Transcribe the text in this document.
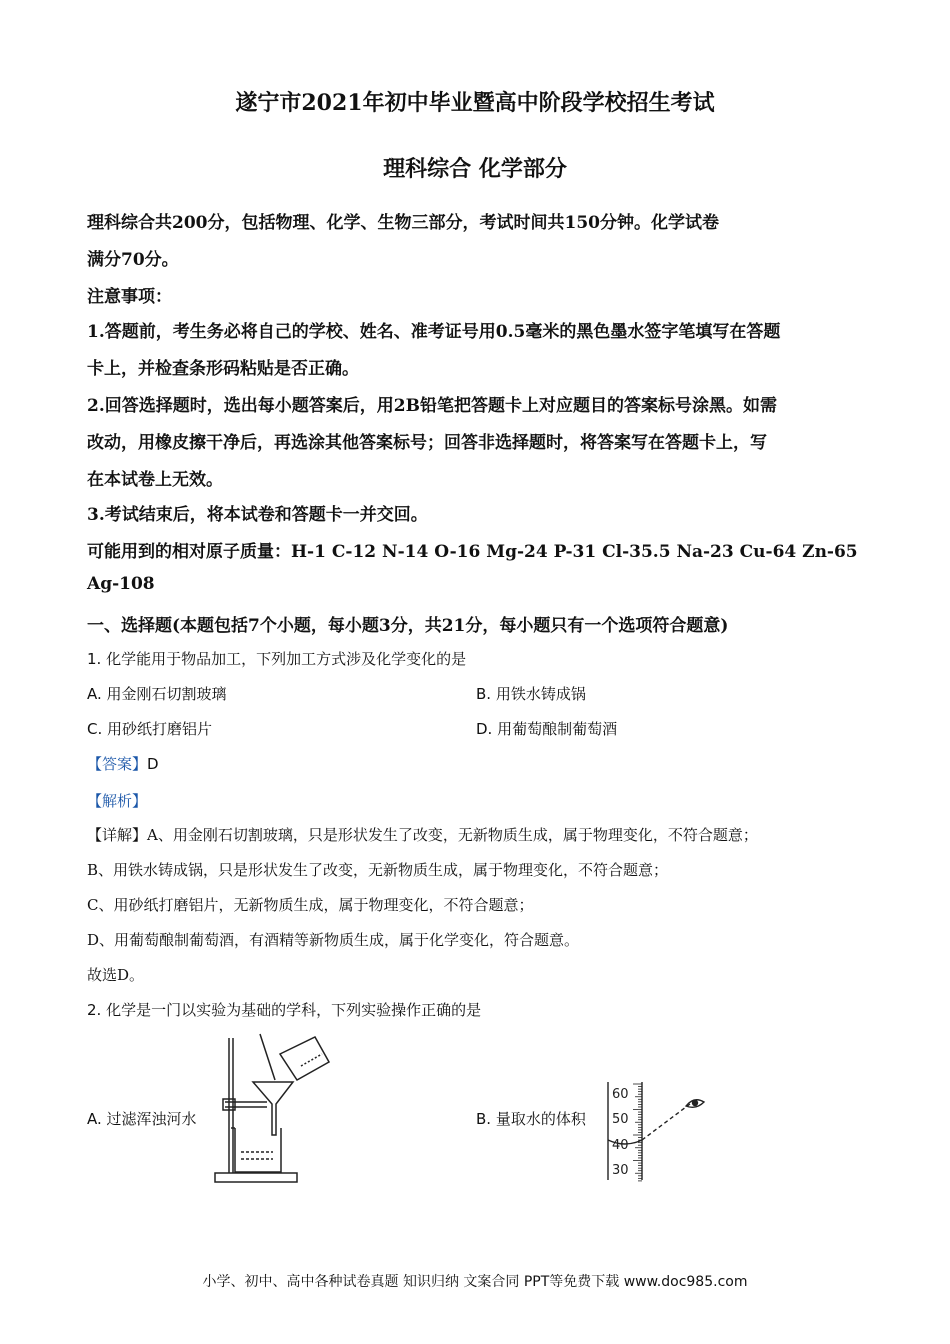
遂宁市2021年初中毕业暨高中阶段学校招生考试
理科综合 化学部分
理科综合共200分，包括物理、化学、生物三部分，考试时间共150分钟。化学试卷
满分70分。
注意事项：
1.答题前，考生务必将自己的学校、姓名、准考证号用0.5毫米的黑色墨水签字笔填写在答题
卡上，并检查条形码粘贴是否正确。
2.回答选择题时，选出每小题答案后，用2B铅笔把答题卡上对应题目的答案标号涂黑。如需
改动，用橡皮擦干净后，再选涂其他答案标号；回答非选择题时，将答案写在答题卡上，写
在本试卷上无效。
3.考试结束后，将本试卷和答题卡一并交回。
可能用到的相对原子质量：H-1 C-12 N-14 O-16 Mg-24 P-31 Cl-35.5 Na-23 Cu-64 Zn-65
Ag-108
一、选择题(本题包括7个小题，每小题3分，共21分，每小题只有一个选项符合题意)
1. 化学能用于物品加工，下列加工方式涉及化学变化的是
A. 用金刚石切割玻璃	B. 用铁水铸成锅
C. 用砂纸打磨铝片	D. 用葡萄酿制葡萄酒
【答案】D
【解析】
【详解】A、用金刚石切割玻璃，只是形状发生了改变，无新物质生成，属于物理变化，不符合题意；
B、用铁水铸成锅，只是形状发生了改变，无新物质生成，属于物理变化，不符合题意；
C、用砂纸打磨铝片，无新物质生成，属于物理变化，不符合题意；
D、用葡萄酿制葡萄酒，有酒精等新物质生成，属于化学变化，符合题意。
故选D。
2. 化学是一门以实验为基础的学科，下列实验操作正确的是
A. 过滤浑浊河水	B. 量取水的体积
60
50
40
30
小学、初中、高中各种试卷真题 知识归纳 文案合同 PPT等免费下载 www.doc985.com
